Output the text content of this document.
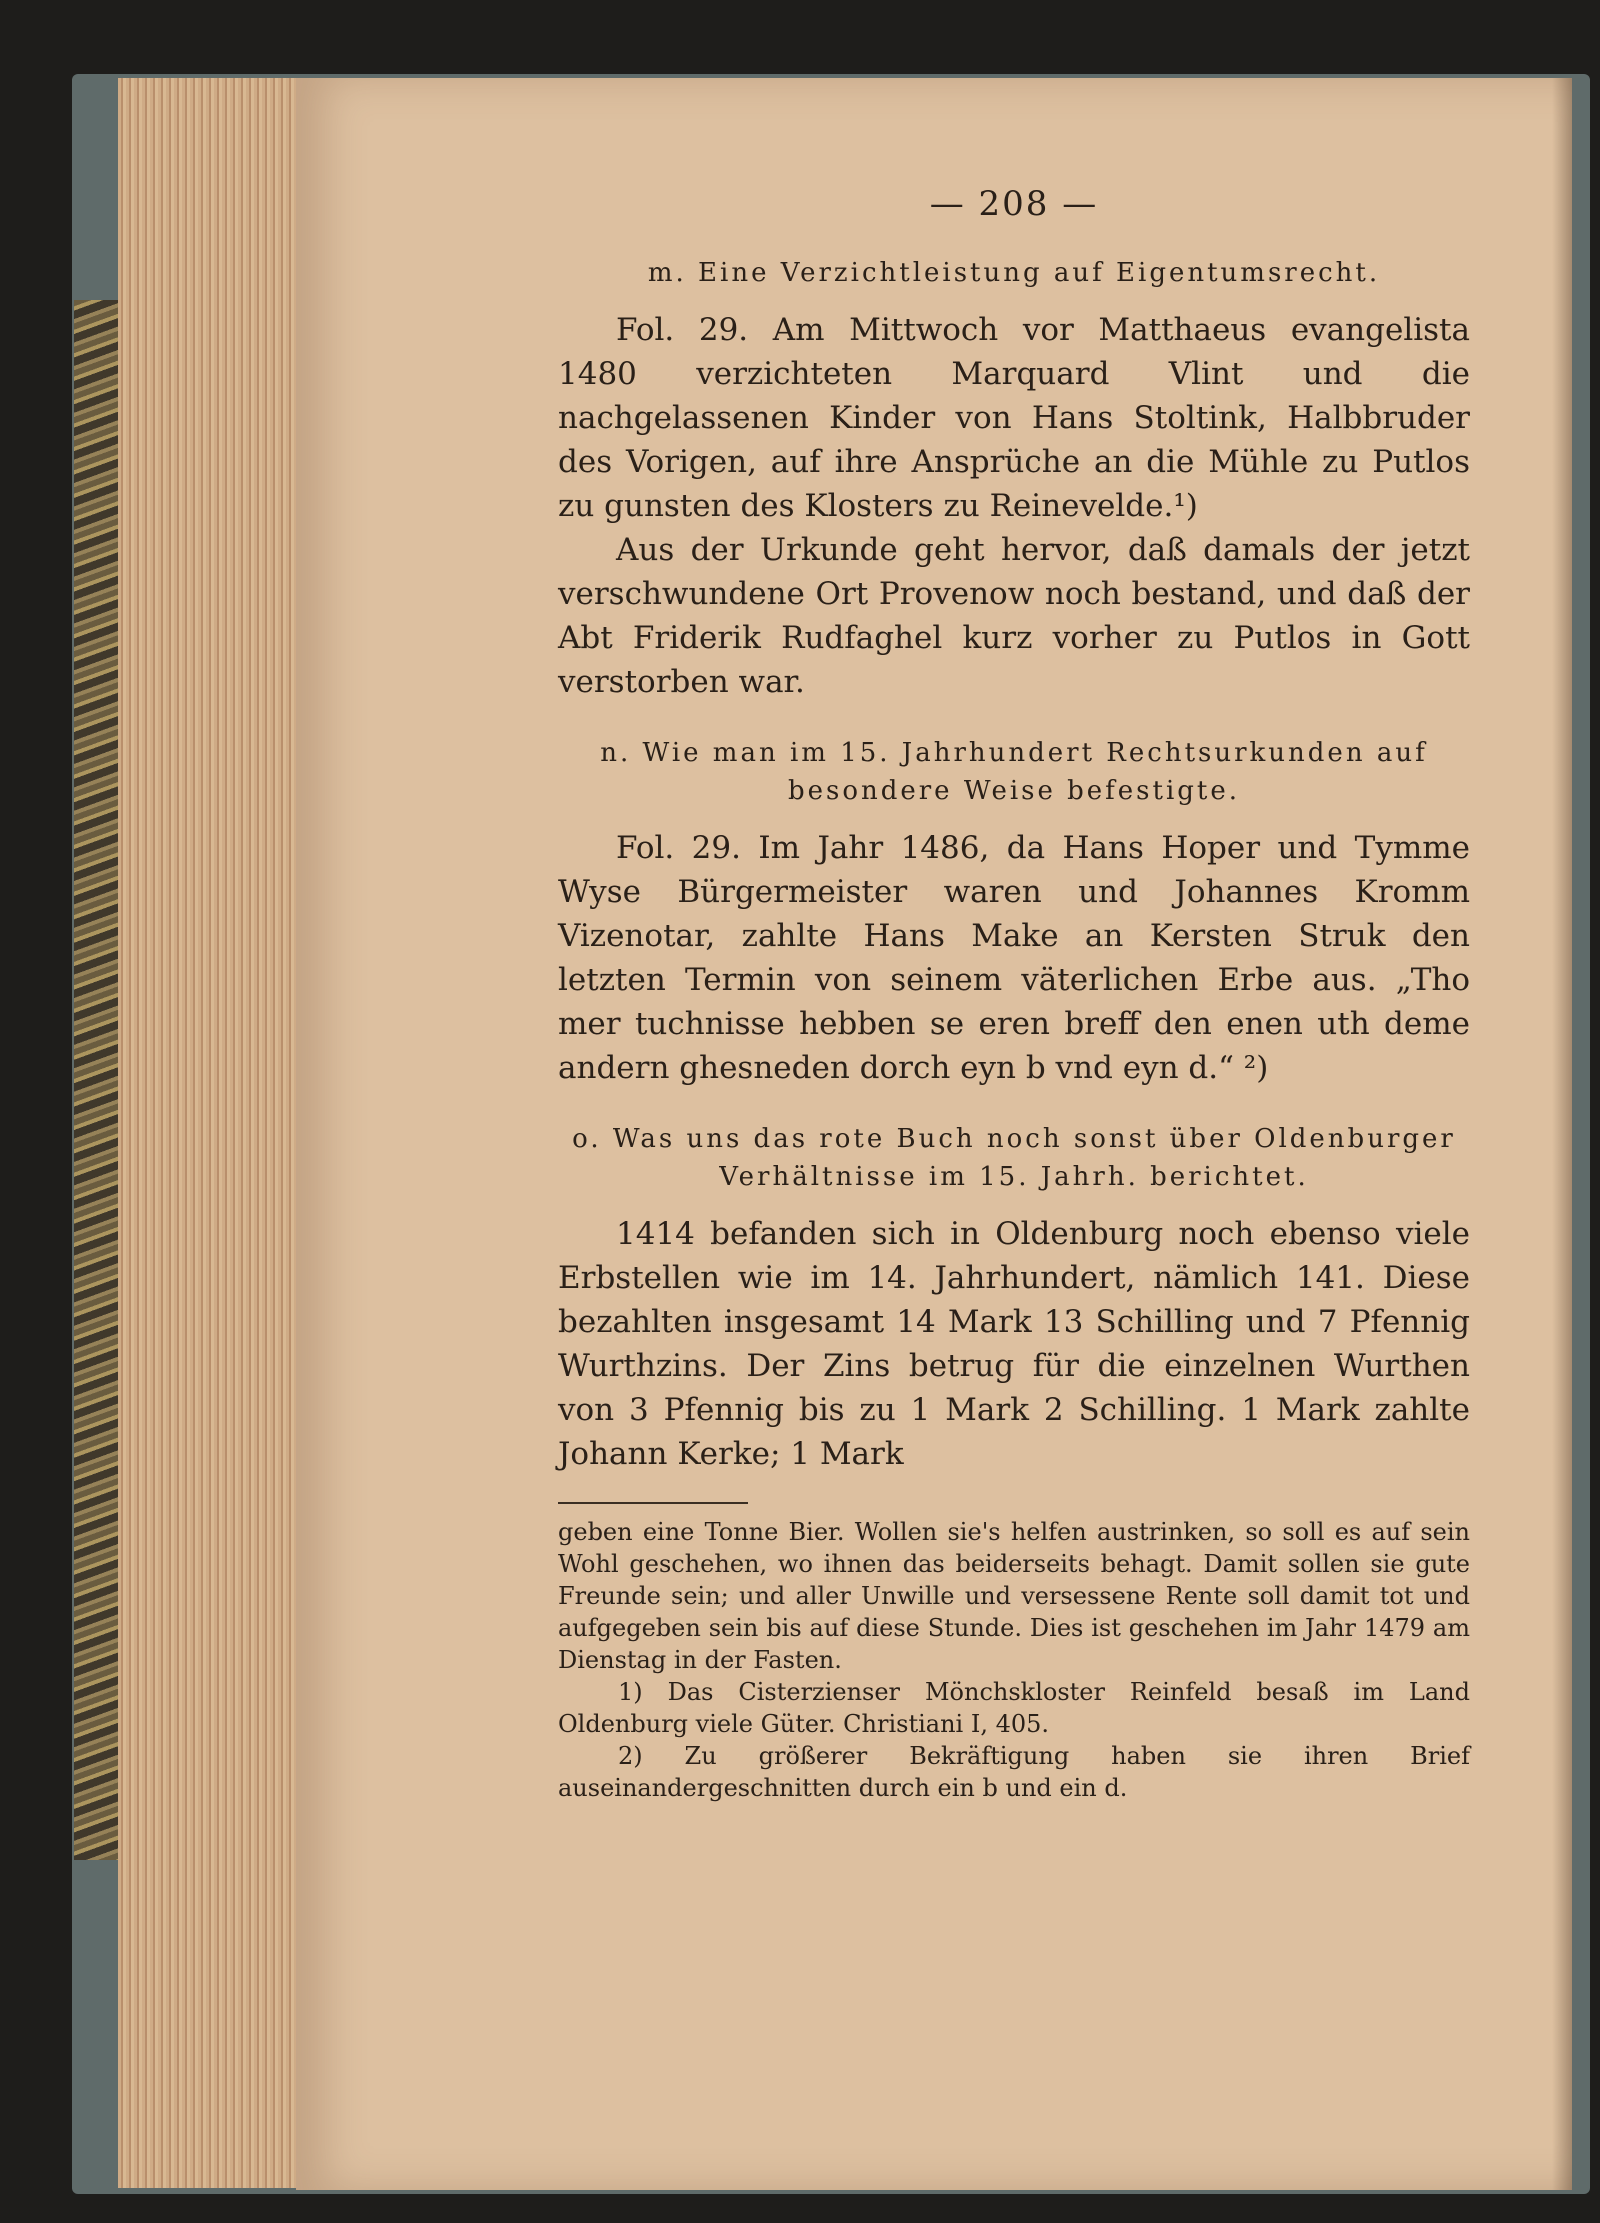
— 208 —
m. Eine Verzichtleistung auf Eigentumsrecht.

Fol. 29. Am Mittwoch vor Matthaeus evangelista 1480 verzichteten Marquard Vlint und die nachgelassenen Kinder von Hans Stoltink, Halbbruder des Vorigen, auf ihre Ansprüche an die Mühle zu Putlos zu gunsten des Klosters zu Reinevelde.¹)

Aus der Urkunde geht hervor, daß damals der jetzt verschwundene Ort Provenow noch bestand, und daß der Abt Friderik Rudfaghel kurz vorher zu Putlos in Gott verstorben war.

n. Wie man im 15. Jahrhundert Rechtsurkunden auf besondere Weise befestigte.

Fol. 29. Im Jahr 1486, da Hans Hoper und Tymme Wyse Bürgermeister waren und Johannes Kromm Vizenotar, zahlte Hans Make an Kersten Struk den letzten Termin von seinem väterlichen Erbe aus. „Tho mer tuchnisse hebben se eren breff den enen uth deme andern ghesneden dorch eyn b vnd eyn d.“ ²)

o. Was uns das rote Buch noch sonst über Oldenburger Verhältnisse im 15. Jahrh. berichtet.

1414 befanden sich in Oldenburg noch ebenso viele Erbstellen wie im 14. Jahrhundert, nämlich 141. Diese bezahlten insgesamt 14 Mark 13 Schilling und 7 Pfennig Wurthzins. Der Zins betrug für die einzelnen Wurthen von 3 Pfennig bis zu 1 Mark 2 Schilling. 1 Mark zahlte Johann Kerke; 1 Mark

geben eine Tonne Bier. Wollen sie's helfen austrinken, so soll es auf sein Wohl geschehen, wo ihnen das beiderseits behagt. Damit sollen sie gute Freunde sein; und aller Unwille und versessene Rente soll damit tot und aufgegeben sein bis auf diese Stunde. Dies ist geschehen im Jahr 1479 am Dienstag in der Fasten.

1) Das Cisterzienser Mönchskloster Reinfeld besaß im Land Oldenburg viele Güter. Christiani I, 405.

2) Zu größerer Bekräftigung haben sie ihren Brief auseinandergeschnitten durch ein b und ein d.
